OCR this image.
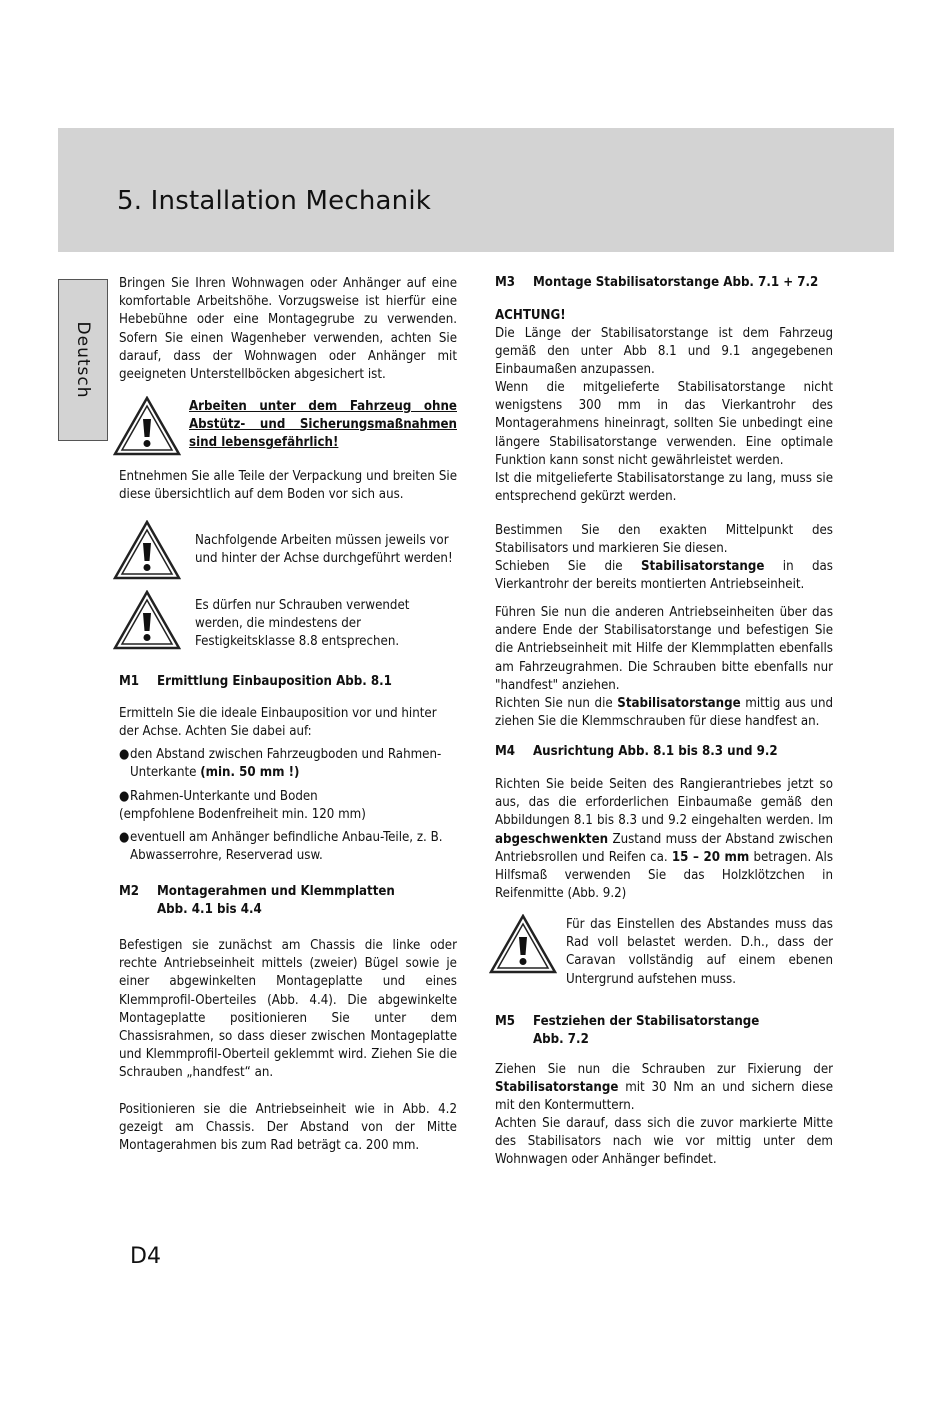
5. Installation Mechanik
Deutsch

Bringen Sie Ihren Wohnwagen oder Anhänger auf eine komfortable Arbeitshöhe. Vorzugsweise ist hierfür eine Hebebühne oder eine Montagegrube zu verwenden. Sofern Sie einen Wagenheber verwenden, achten Sie darauf, dass der Wohnwagen oder Anhänger mit geeigneten Unterstellböcken abgesichert ist.

Arbeiten unter dem Fahrzeug ohne Abstütz- und Sicherungsmaßnahmen sind lebensgefährlich!

Entnehmen Sie alle Teile der Verpackung und breiten Sie diese übersichtlich auf dem Boden vor sich aus.

Nachfolgende Arbeiten müssen jeweils vor und hinter der Achse durchgeführt werden!

Es dürfen nur Schrauben verwendet werden, die mindestens der Festigkeitsklasse 8.8 entsprechen.

M1 Ermittlung Einbauposition Abb. 8.1

Ermitteln Sie die ideale Einbauposition vor und hinter der Achse. Achten Sie dabei auf:

● den Abstand zwischen Fahrzeugboden und Rahmen-Unterkante (min. 50 mm !)
● Rahmen-Unterkante und Boden

(empfohlene Bodenfreiheit min. 120 mm)

● eventuell am Anhänger befindliche Anbau-Teile, z. B. Abwasserrohre, Reserverad usw.
M2 Montagerahmen und Klemmplatten
Abb. 4.1 bis 4.4

Befestigen sie zunächst am Chassis die linke oder rechte Antriebseinheit mittels (zweier) Bügel sowie je einer abgewinkelten Montageplatte und eines Klemmprofil-Oberteiles (Abb. 4.4). Die abgewinkelte Montageplatte positionieren Sie unter dem Chassisrahmen, so dass dieser zwischen Montageplatte und Klemmprofil-Oberteil geklemmt wird. Ziehen Sie die Schrauben „handfest“ an.

Positionieren sie die Antriebseinheit wie in Abb. 4.2 gezeigt am Chassis. Der Abstand von der Mitte Montagerahmen bis zum Rad beträgt ca. 200 mm.

M3 Montage Stabilisatorstange Abb. 7.1 + 7.2

ACHTUNG!

Die Länge der Stabilisatorstange ist dem Fahrzeug gemäß den unter Abb 8.1 und 9.1 angegebenen Einbaumaßen anzupassen.

Wenn die mitgelieferte Stabilisatorstange nicht wenigstens 300 mm in das Vierkantrohr des Montagerahmens hineinragt, sollten Sie unbedingt eine längere Stabilisatorstange verwenden. Eine optimale Funktion kann sonst nicht gewährleistet werden.

Ist die mitgelieferte Stabilisatorstange zu lang, muss sie entsprechend gekürzt werden.

Bestimmen Sie den exakten Mittelpunkt des Stabilisators und markieren Sie diesen.

Schieben Sie die Stabilisatorstange in das Vierkantrohr der bereits montierten Antriebseinheit.

Führen Sie nun die anderen Antriebseinheiten über das andere Ende der Stabilisatorstange und befestigen Sie die Antriebseinheit mit Hilfe der Klemmplatten ebenfalls am Fahrzeugrahmen. Die Schrauben bitte ebenfalls nur "handfest" anziehen.

Richten Sie nun die Stabilisatorstange mittig aus und ziehen Sie die Klemmschrauben für diese handfest an.

M4 Ausrichtung Abb. 8.1 bis 8.3 und 9.2

Richten Sie beide Seiten des Rangierantriebes jetzt so aus, das die erforderlichen Einbaumaße gemäß den Abbildungen 8.1 bis 8.3 und 9.2 eingehalten werden. Im abgeschwenkten Zustand muss der Abstand zwischen Antriebsrollen und Reifen ca. 15 – 20 mm betragen. Als Hilfsmaß verwenden Sie das Holzklötzchen in Reifenmitte (Abb. 9.2)

Für das Einstellen des Abstandes muss das Rad voll belastet werden. D.h., dass der Caravan vollständig auf einem ebenen Untergrund aufstehen muss.

M5 Festziehen der Stabilisatorstange
Abb. 7.2

Ziehen Sie nun die Schrauben zur Fixierung der Stabilisatorstange mit 30 Nm an und sichern diese mit den Kontermuttern.

Achten Sie darauf, dass sich die zuvor markierte Mitte des Stabilisators nach wie vor mittig unter dem Wohnwagen oder Anhänger befindet.

D4
